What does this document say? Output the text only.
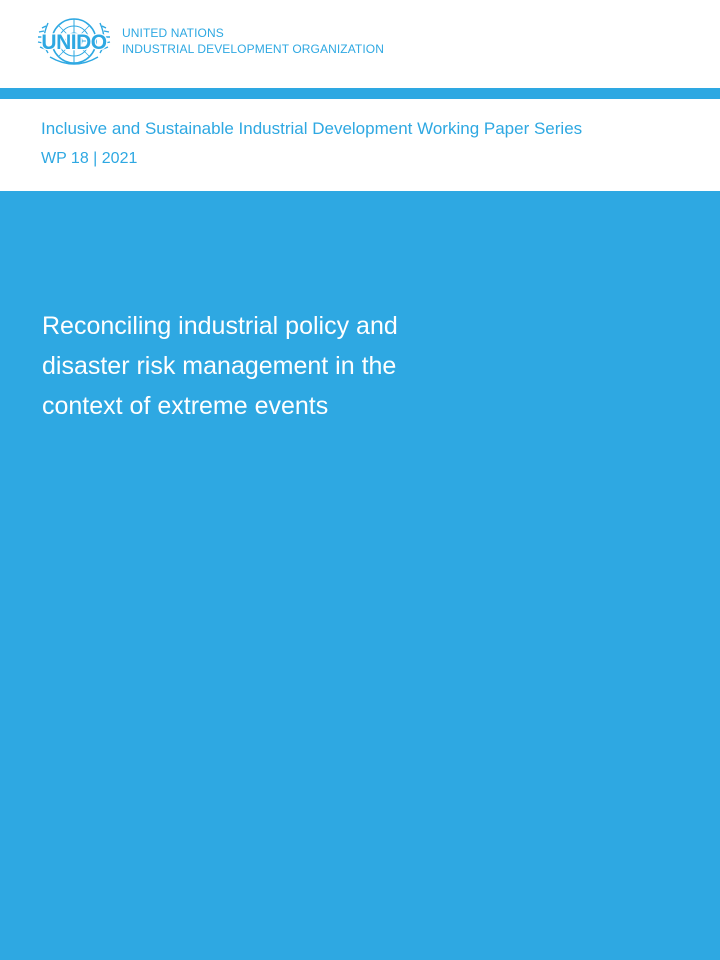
UNIDO UNITED NATIONS
INDUSTRIAL DEVELOPMENT ORGANIZATION
Inclusive and Sustainable Industrial Development Working Paper Series
WP 18 | 2021
Reconciling industrial policy and disaster risk management in the context of extreme events
